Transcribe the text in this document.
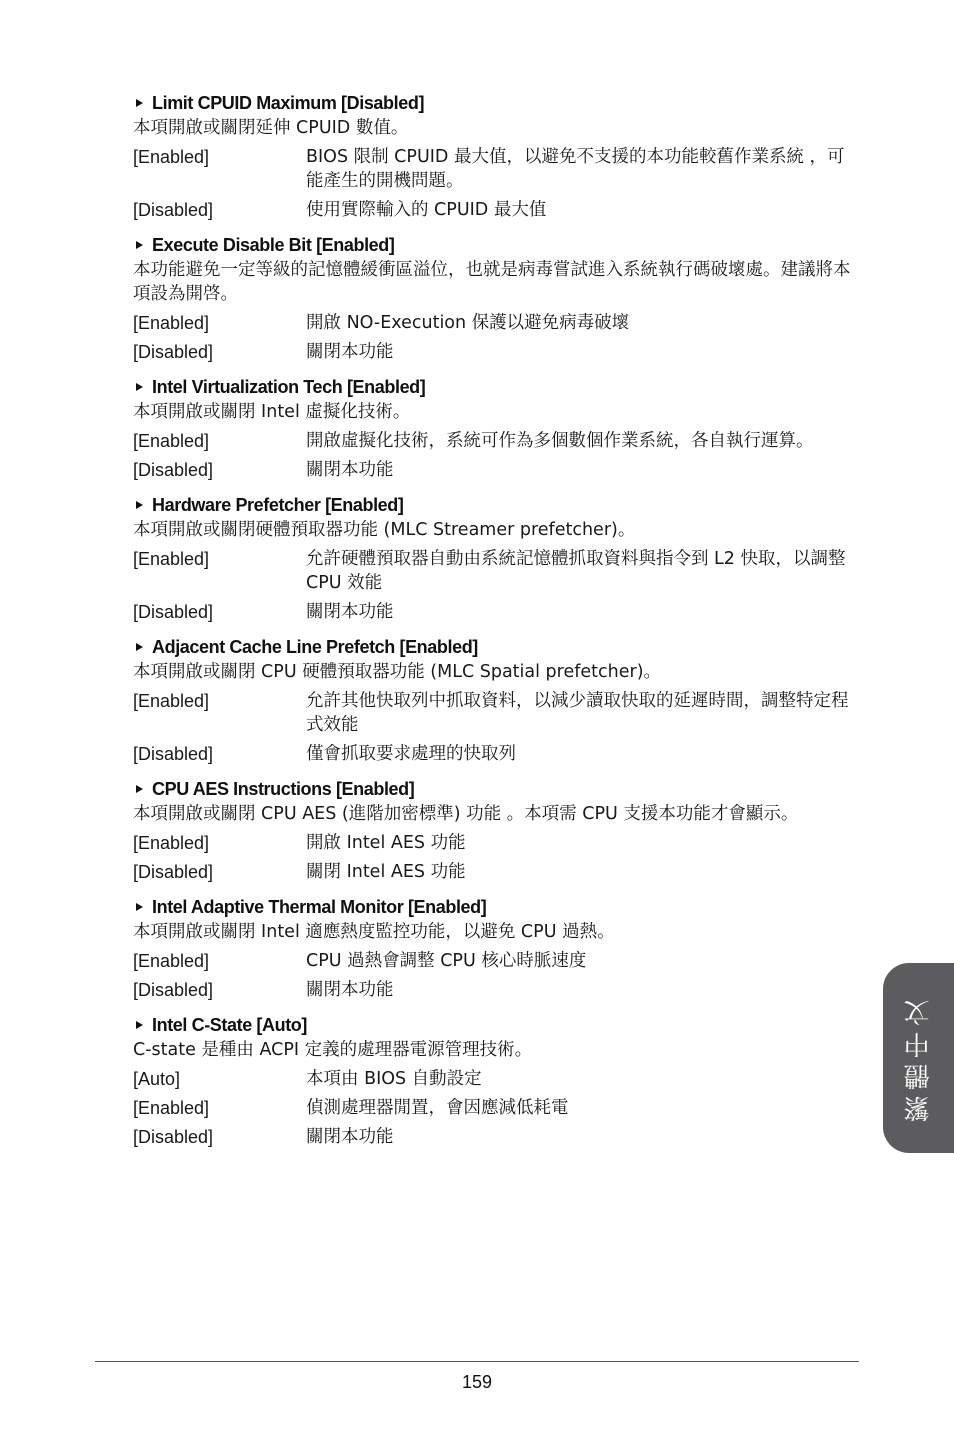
Limit CPUID Maximum [Disabled]
本項開啟或關閉延伸 CPUID 數值。
[Enabled]	BIOS 限制 CPUID 最大值，以避免不支援的本功能較舊作業系統 ，可能產生的開機問題。
[Disabled]	使用實際輸入的 CPUID 最大值
Execute Disable Bit [Enabled]
本功能避免一定等級的記憶體緩衝區溢位，也就是病毒嘗試進入系統執行碼破壞處。建議將本項設為開啓。
[Enabled]	開啟 NO-Execution 保護以避免病毒破壞
[Disabled]	關閉本功能
Intel Virtualization Tech [Enabled]
本項開啟或關閉 Intel 虛擬化技術。
[Enabled]	開啟虛擬化技術，系統可作為多個數個作業系統，各自執行運算。
[Disabled]	關閉本功能
Hardware Prefetcher [Enabled]
本項開啟或關閉硬體預取器功能 (MLC Streamer prefetcher)。
[Enabled]	允許硬體預取器自動由系統記憶體抓取資料與指令到 L2 快取，以調整 CPU 效能
[Disabled]	關閉本功能
Adjacent Cache Line Prefetch [Enabled]
本項開啟或關閉 CPU 硬體預取器功能 (MLC Spatial prefetcher)。
[Enabled]	允許其他快取列中抓取資料，以減少讀取快取的延遲時間，調整特定程式效能
[Disabled]	僅會抓取要求處理的快取列
CPU AES Instructions [Enabled]
本項開啟或關閉 CPU AES (進階加密標準) 功能 。本項需 CPU 支援本功能才會顯示。
[Enabled]	開啟 Intel AES 功能
[Disabled]	關閉 Intel AES 功能
Intel Adaptive Thermal Monitor [Enabled]
本項開啟或關閉 Intel 適應熱度監控功能，以避免 CPU 過熱。
[Enabled]	CPU 過熱會調整 CPU 核心時脈速度
[Disabled]	關閉本功能
Intel C-State [Auto]
C-state 是種由 ACPI 定義的處理器電源管理技術。
[Auto]	本項由 BIOS 自動設定
[Enabled]	偵測處理器閒置，會因應減低耗電
[Disabled]	關閉本功能
繁體中文
159
